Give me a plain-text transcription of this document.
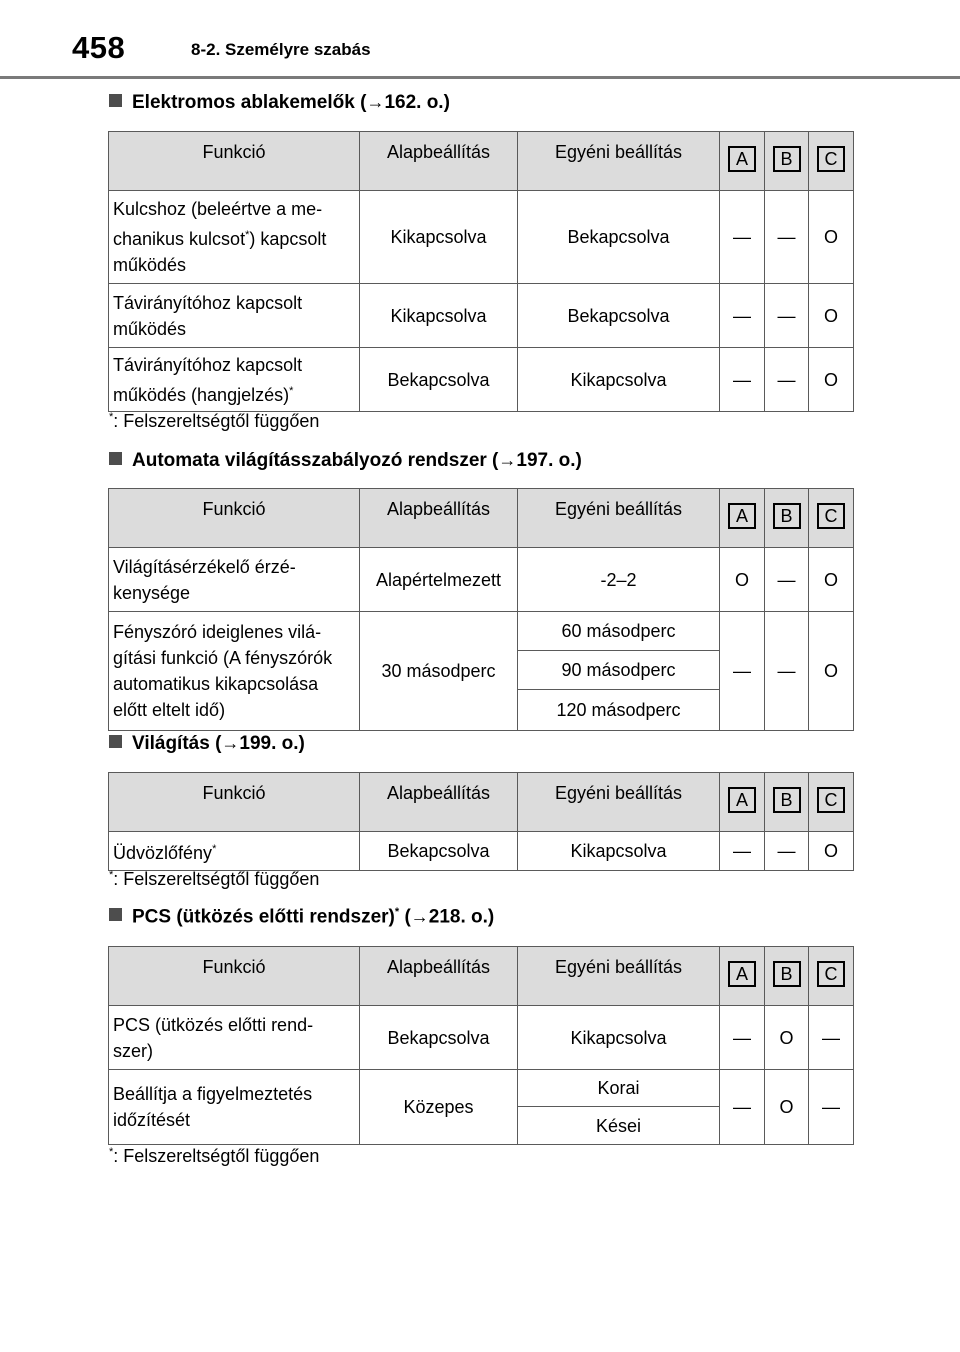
458	8-2. Személyre szabás
Elektromos ablakemelők (→162. o.)
Funkció	Alapbeállítás	Egyéni beállítás	A	B	C
Kulcshoz (beleértve a me-
chanikus kulcsot*) kapcsolt
működés	Kikapcsolva	Bekapcsolva	—	—	O
Távirányítóhoz kapcsolt
működés	Kikapcsolva	Bekapcsolva	—	—	O
Távirányítóhoz kapcsolt
működés (hangjelzés)*	Bekapcsolva	Kikapcsolva	—	—	O
*: Felszereltségtől függően
Automata világításszabályozó rendszer (→197. o.)
Funkció	Alapbeállítás	Egyéni beállítás	A	B	C
Világításérzékelő érzé-
kenysége	Alapértelmezett	-2–2	O	—	O
Fényszóró ideiglenes vilá-
gítási funkció (A fényszórók
automatikus kikapcsolása
előtt eltelt idő)	30 másodperc	60 másodperc	—	—	O
		90 másodperc			
		120 másodperc			
Világítás (→199. o.)
Funkció	Alapbeállítás	Egyéni beállítás	A	B	C
Üdvözlőfény*	Bekapcsolva	Kikapcsolva	—	—	O
*: Felszereltségtől függően
PCS (ütközés előtti rendszer)* (→218. o.)
Funkció	Alapbeállítás	Egyéni beállítás	A	B	C
PCS (ütközés előtti rend-
szer)	Bekapcsolva	Kikapcsolva	—	O	—
Beállítja a figyelmeztetés
időzítését	Közepes	Korai	—	O	—
		Kései			
*: Felszereltségtől függően
